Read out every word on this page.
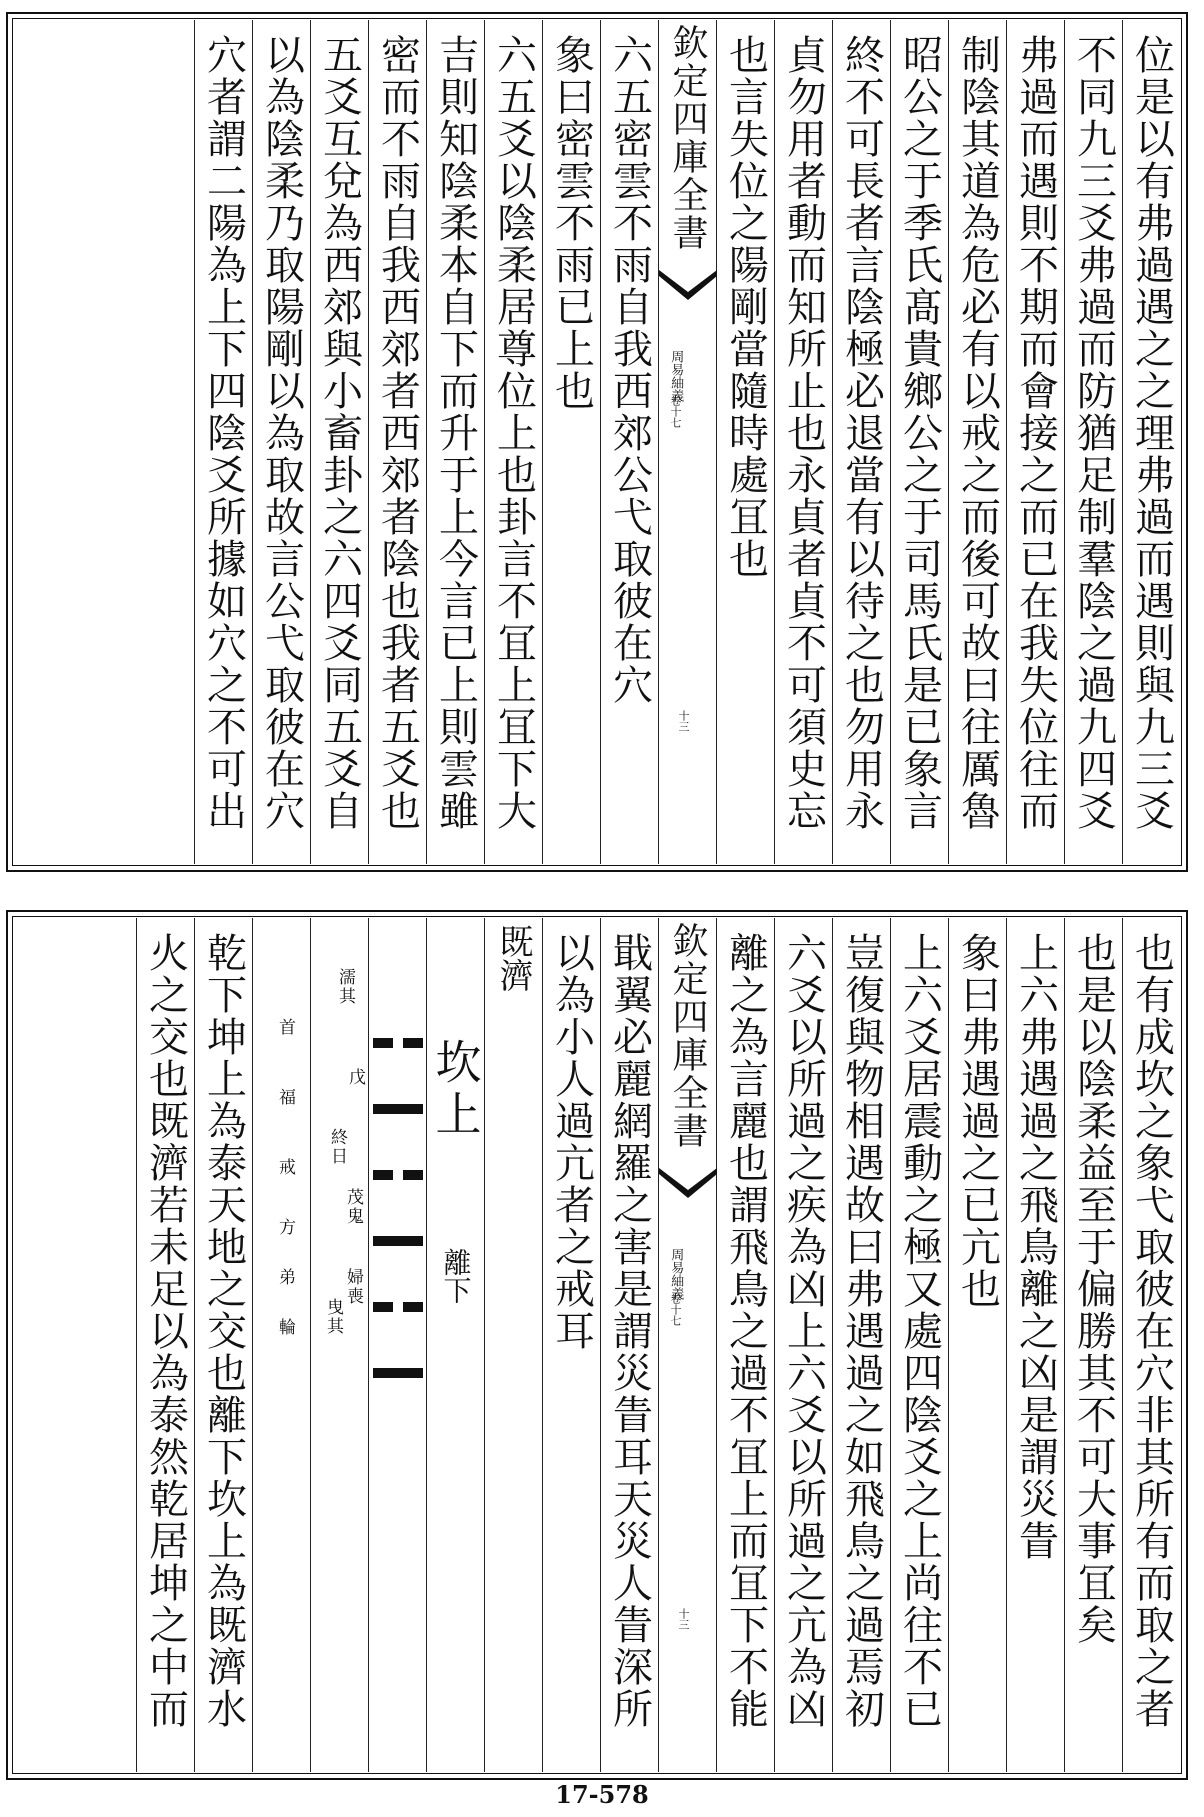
位是以有弗過遇之之理弗過而遇則與九三爻
不同九三爻弗過而防猶足制羣陰之過九四爻
弗過而遇則不期而會接之而已在我失位往而
制陰其道為危必有以戒之而後可故曰往厲魯
昭公之于季氏髙貴鄉公之于司馬氏是已象言
終不可長者言陰極必退當有以待之也勿用永
貞勿用者動而知所止也永貞者貞不可須史忘
也言失位之陽剛當隨時處冝也
欽定四庫全書
周易紬義
卷十七
十三
六五密雲不雨自我西郊公弋取彼在穴
象曰密雲不雨已上也
六五爻以陰柔居尊位上也卦言不冝上冝下大
吉則知陰柔本自下而升于上今言已上則雲雖
密而不雨自我西郊者西郊者陰也我者五爻也
五爻互兌為西郊與小畜卦之六四爻同五爻自
以為陰柔乃取陽剛以為取故言公弋取彼在穴
穴者謂二陽為上下四陰爻所據如穴之不可出
也有成坎之象弋取彼在穴非其所有而取之者
也是以陰柔益至于偏勝其不可大事冝矣
上六弗遇過之飛鳥離之凶是謂災眚
象曰弗遇過之已亢也
上六爻居震動之極又處四陰爻之上尚往不已
豈復與物相遇故曰弗遇過之如飛鳥之過焉初
六爻以所過之疾為凶上六爻以所過之亢為凶
離之為言麗也謂飛鳥之過不冝上而冝下不能
欽定四庫全書
周易紬義
卷十七
十三
戢翼必麗網羅之害是謂災眚耳天災人眚深所
以為小人過亢者之戒耳
既濟
坎上
離下
濡其
戊
終日
茂鬼
婦喪
曳其
首
福
戒
方
弟
輪
乾下坤上為泰天地之交也離下坎上為既濟水
火之交也既濟若未足以為泰然乾居坤之中而
17-578
